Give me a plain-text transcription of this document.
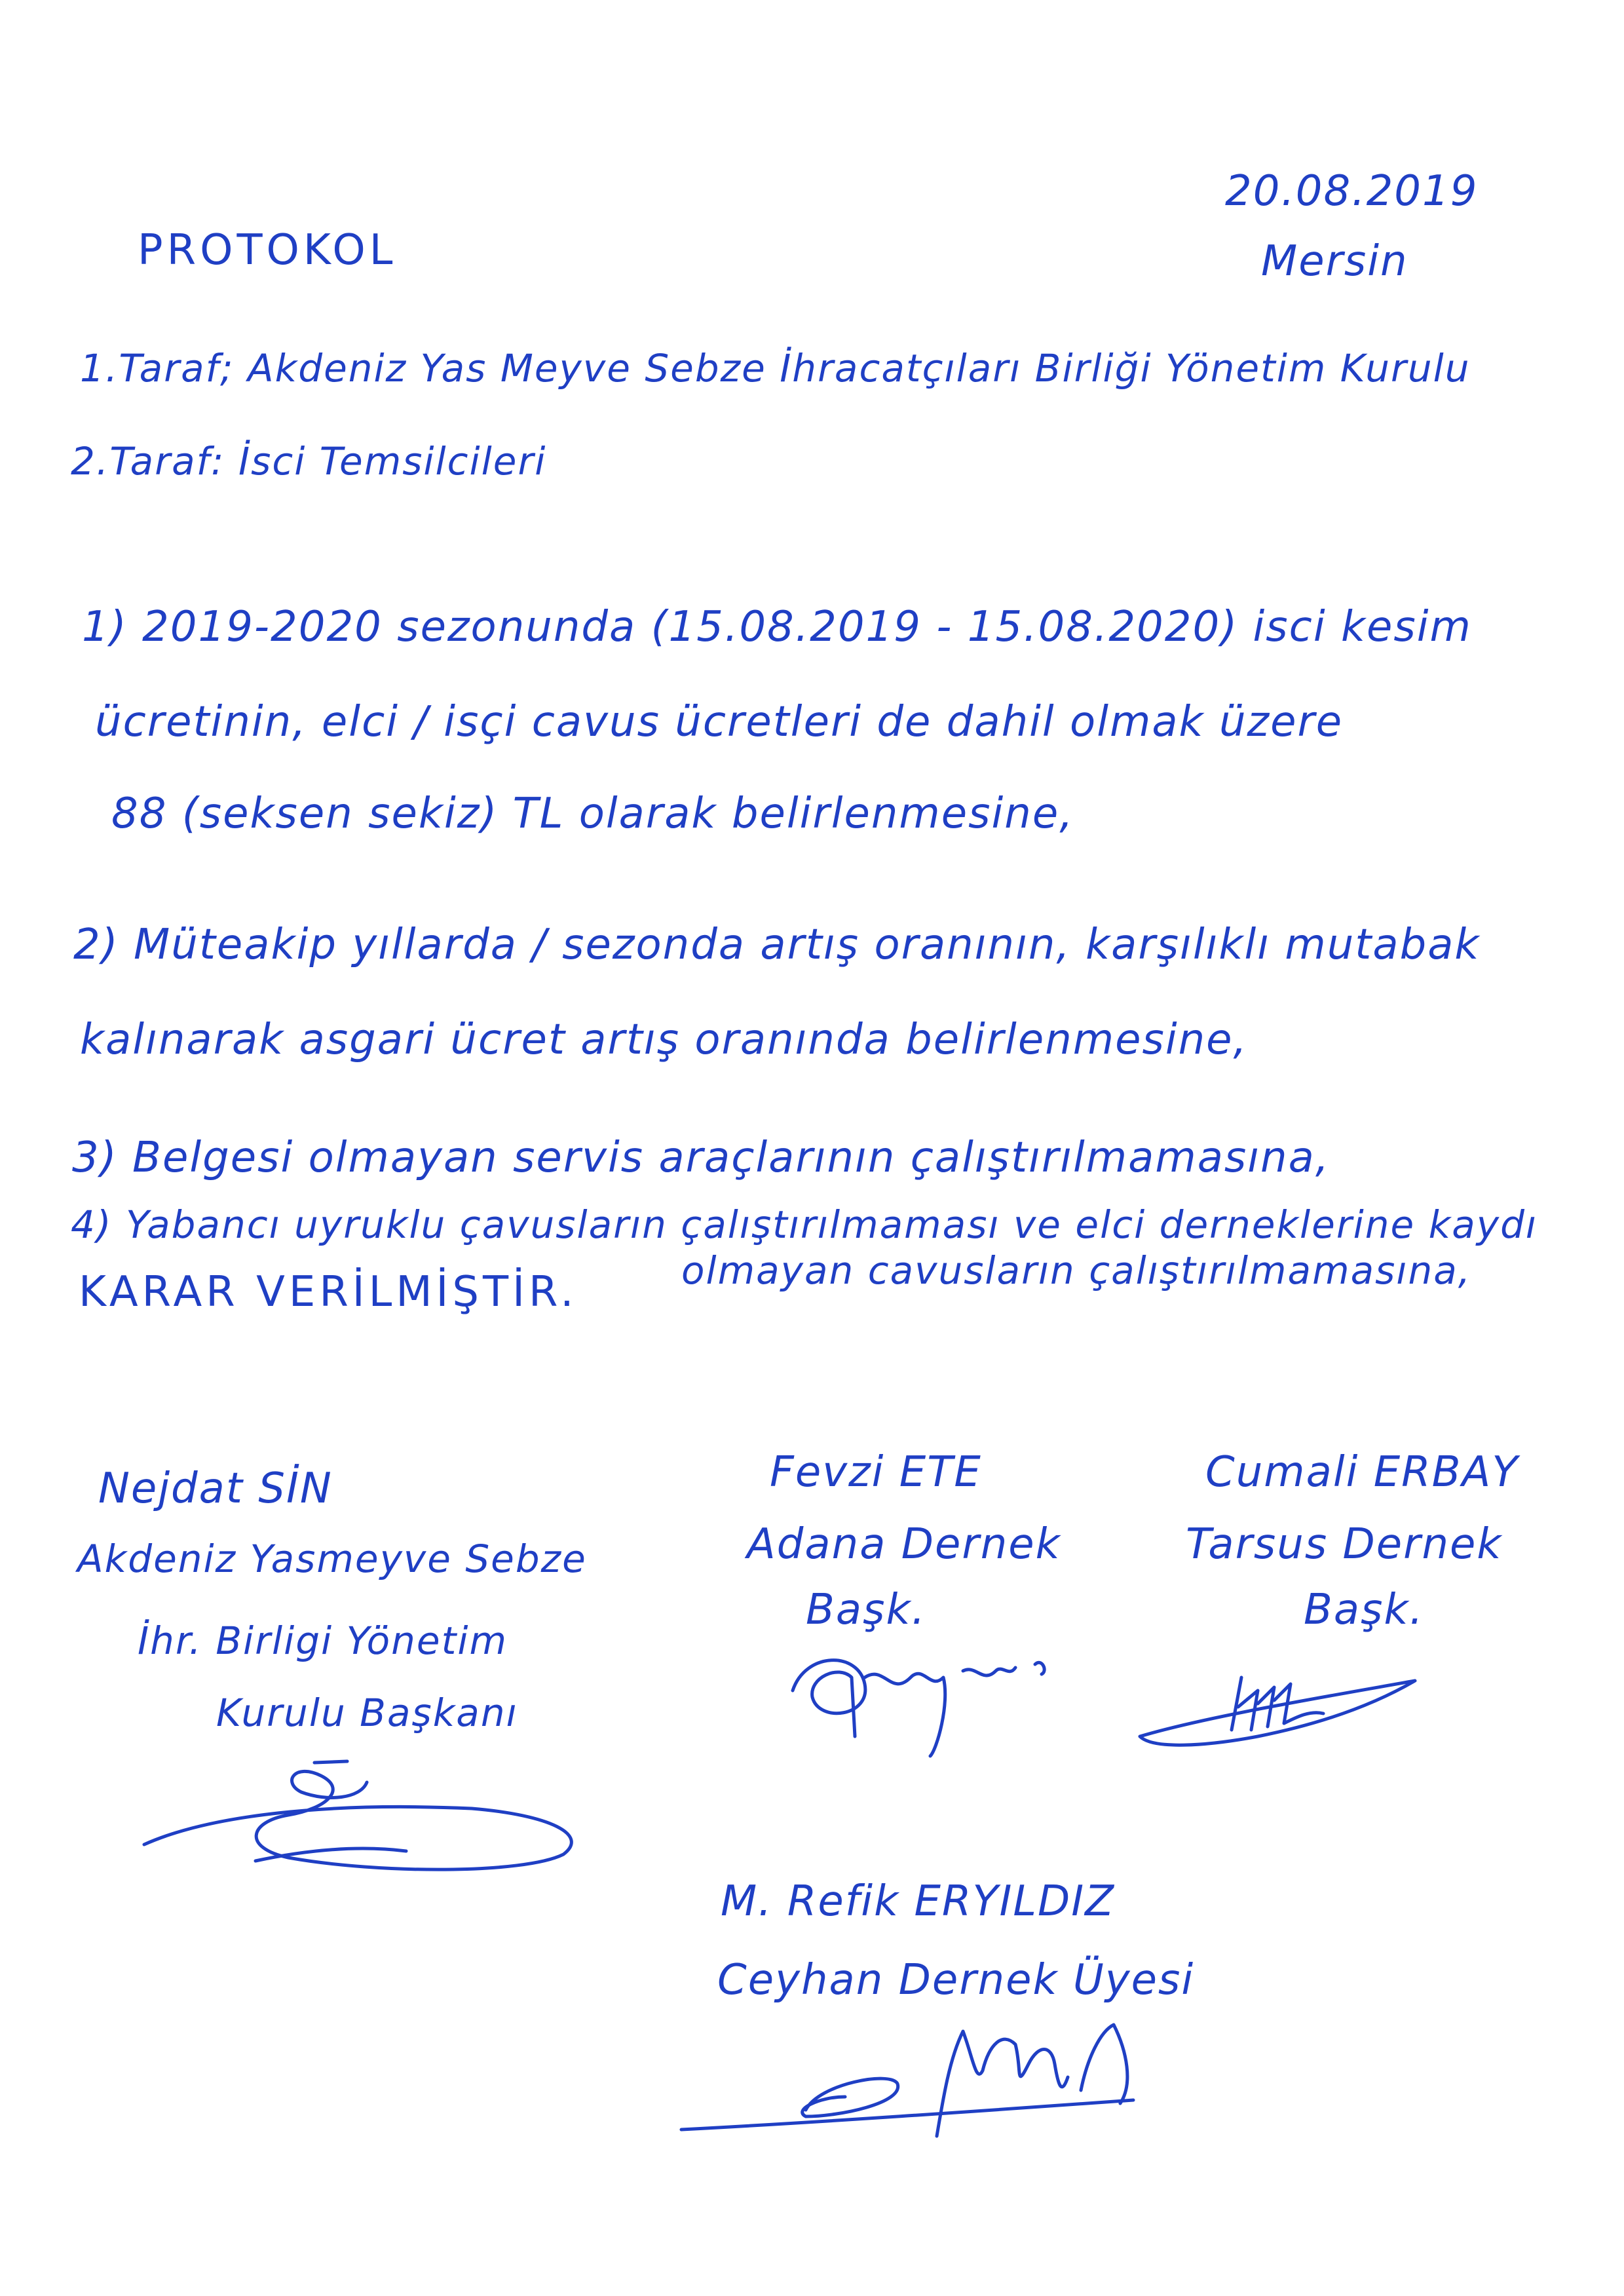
20.08.2019
Mersin
PROTOKOL
1.Taraf; Akdeniz Yas Meyve Sebze İhracatçıları Birliği Yönetim Kurulu
2.Taraf: İsci Temsilcileri
1) 2019-2020 sezonunda (15.08.2019 - 15.08.2020) isci kesim
ücretinin, elci / isçi cavus ücretleri de dahil olmak üzere
88 (seksen sekiz) TL olarak belirlenmesine,
2) Müteakip yıllarda / sezonda artış oranının, karşılıklı mutabak
kalınarak asgari ücret artış oranında belirlenmesine,
3) Belgesi olmayan servis araçlarının çalıştırılmamasına,
4) Yabancı uyruklu çavusların çalıştırılmaması ve elci derneklerine kaydı
olmayan cavusların çalıştırılmamasına,
KARAR VERİLMİŞTİR.
Nejdat SİN
Akdeniz Yasmeyve Sebze
İhr. Birligi Yönetim
Kurulu Başkanı
Fevzi ETE
Adana Dernek
Başk.
Cumali ERBAY
Tarsus Dernek
Başk.
M. Refik ERYILDIZ
Ceyhan Dernek Üyesi
